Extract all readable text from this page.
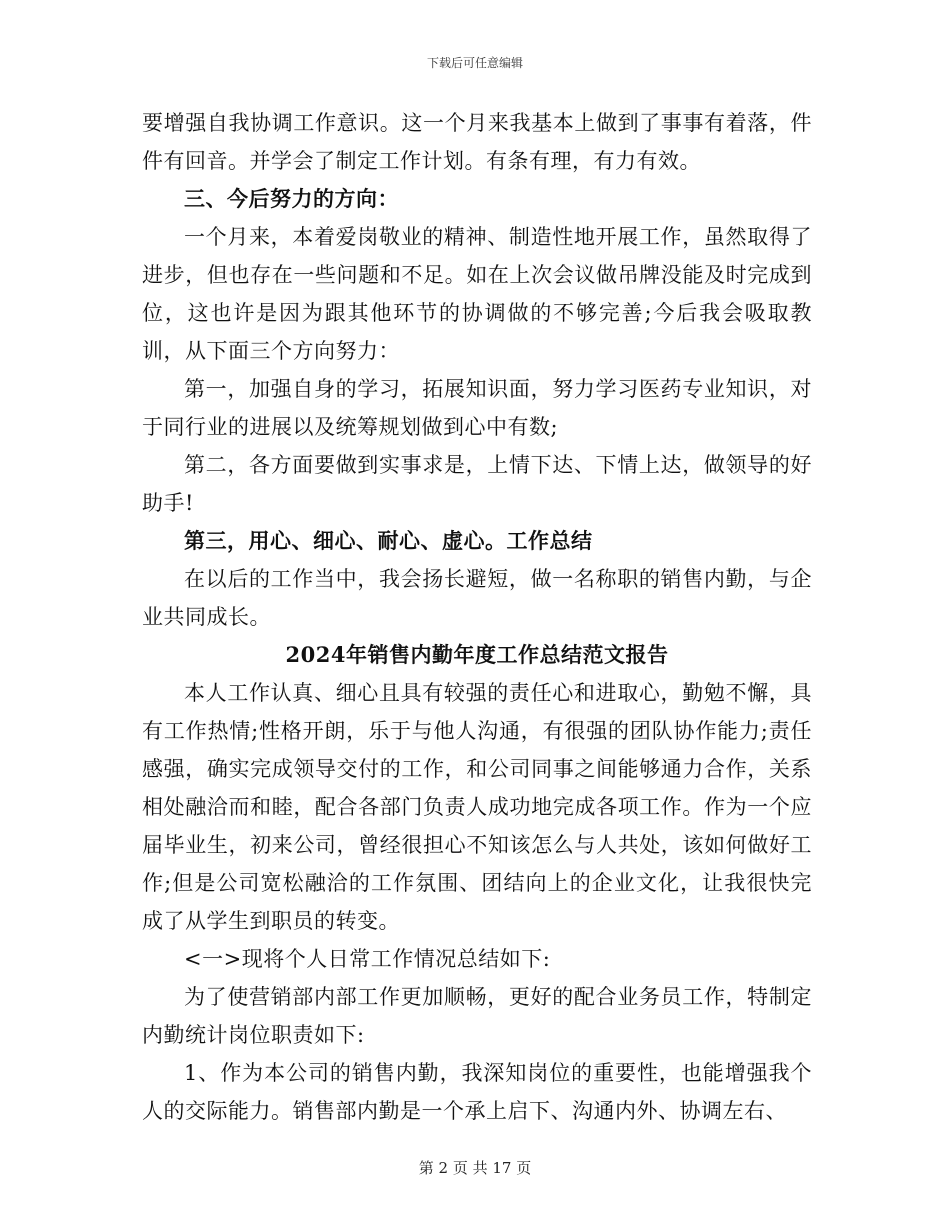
下载后可任意编辑

要增强自我协调工作意识。这一个月来我基本上做到了事事有着落，件件有回音。并学会了制定工作计划。有条有理，有力有效。

三、今后努力的方向：

一个月来，本着爱岗敬业的精神、制造性地开展工作，虽然取得了进步，但也存在一些问题和不足。如在上次会议做吊牌没能及时完成到位，这也许是因为跟其他环节的协调做的不够完善;今后我会吸取教训，从下面三个方向努力：

第一，加强自身的学习，拓展知识面，努力学习医药专业知识，对于同行业的进展以及统筹规划做到心中有数;

第二，各方面要做到实事求是，上情下达、下情上达，做领导的好助手!

第三，用心、细心、耐心、虚心。工作总结

在以后的工作当中，我会扬长避短，做一名称职的销售内勤，与企业共同成长。

2024年销售内勤年度工作总结范文报告

本人工作认真、细心且具有较强的责任心和进取心，勤勉不懈，具有工作热情;性格开朗，乐于与他人沟通，有很强的团队协作能力;责任感强，确实完成领导交付的工作，和公司同事之间能够通力合作，关系相处融洽而和睦，配合各部门负责人成功地完成各项工作。作为一个应届毕业生，初来公司，曾经很担心不知该怎么与人共处，该如何做好工作;但是公司宽松融洽的工作氛围、团结向上的企业文化，让我很快完成了从学生到职员的转变。

<一>现将个人日常工作情况总结如下:

为了使营销部内部工作更加顺畅，更好的配合业务员工作，特制定内勤统计岗位职责如下:

1、作为本公司的销售内勤，我深知岗位的重要性，也能增强我个人的交际能力。销售部内勤是一个承上启下、沟通内外、协调左右、

第 2 页 共 17 页
